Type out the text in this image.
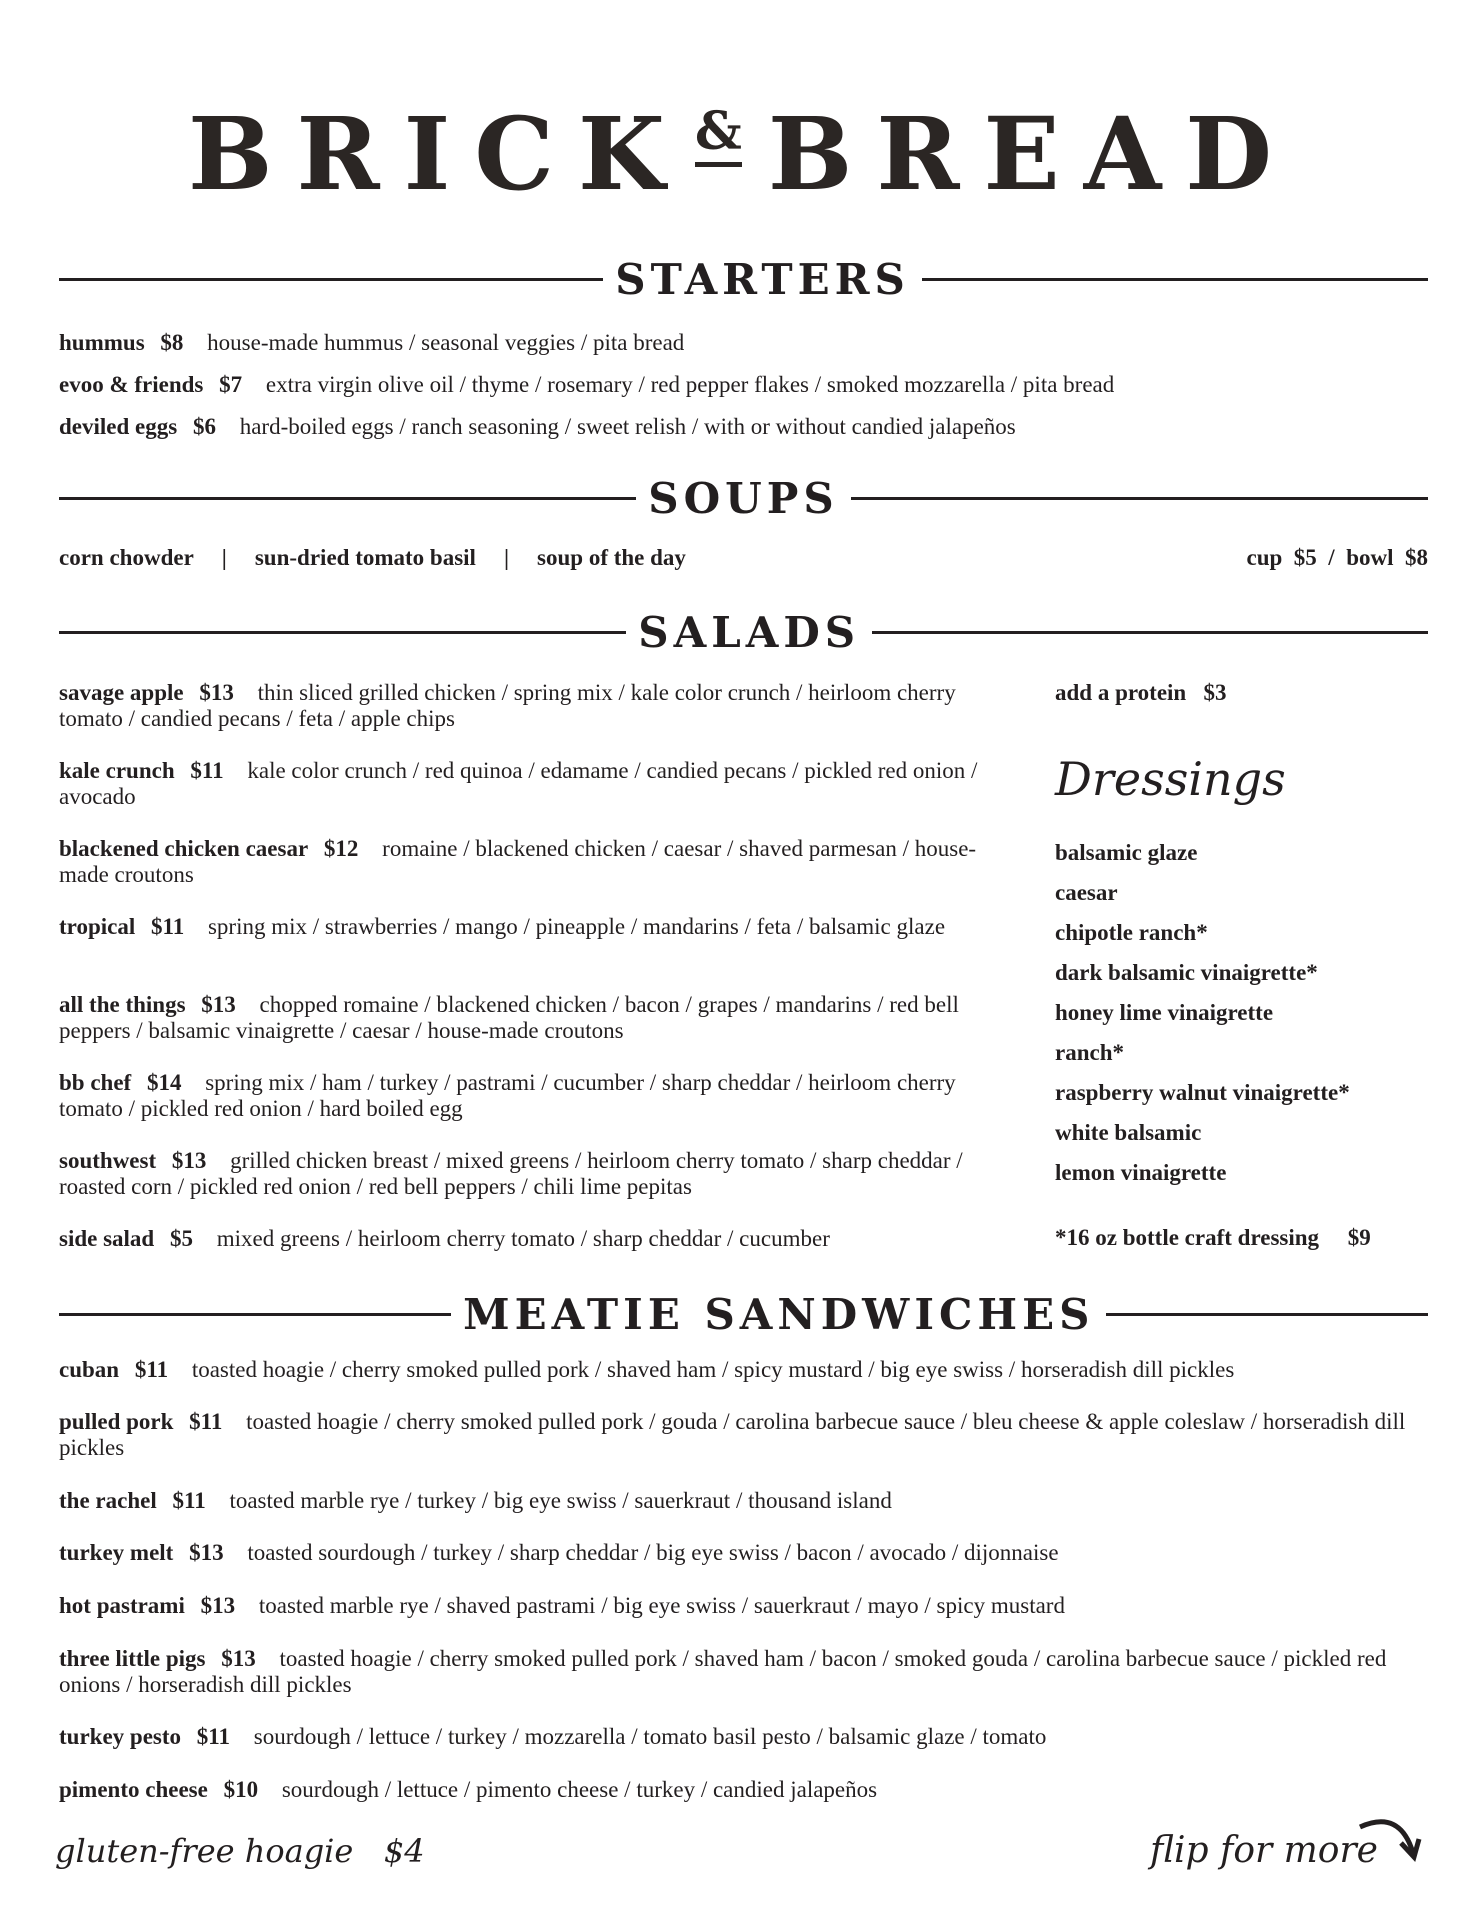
BRICK & BREAD
STARTERS
SOUPS
corn chowder | sun-dried tomato basil | soup of the day	cup  $5  /  bowl  $8
SALADS
add a protein   $3
Dressings
*16 oz bottle craft dressing     $9
MEATIE SANDWICHES
gluten-free hoagie   $4	flip for more
hummus $8 house-made hummus / seasonal veggies / pita bread
evoo & friends $7 extra virgin olive oil / thyme / rosemary / red pepper flakes / smoked mozzarella / pita bread
deviled eggs $6 hard-boiled eggs / ranch seasoning / sweet relish / with or without candied jalapeños
savage apple $13 thin sliced grilled chicken / spring mix / kale color crunch / heirloom cherry tomato / candied pecans / feta / apple chips
kale crunch $11 kale color crunch / red quinoa / edamame / candied pecans / pickled red onion / avocado
blackened chicken caesar $12 romaine / blackened chicken / caesar / shaved parmesan / house-made croutons
tropical $11 spring mix / strawberries / mango / pineapple / mandarins / feta / balsamic glaze
all the things $13 chopped romaine / blackened chicken / bacon / grapes / mandarins / red bell peppers / balsamic vinaigrette / caesar / house-made croutons
bb chef $14 spring mix / ham / turkey / pastrami / cucumber / sharp cheddar / heirloom cherry tomato / pickled red onion / hard boiled egg
southwest $13 grilled chicken breast / mixed greens / heirloom cherry tomato / sharp cheddar / roasted corn / pickled red onion / red bell peppers / chili lime pepitas
side salad $5 mixed greens / heirloom cherry tomato / sharp cheddar / cucumber
cuban $11 toasted hoagie / cherry smoked pulled pork / shaved ham / spicy mustard / big eye swiss / horseradish dill pickles
pulled pork $11 toasted hoagie / cherry smoked pulled pork / gouda / carolina barbecue sauce / bleu cheese & apple coleslaw / horseradish dill pickles
the rachel $11 toasted marble rye / turkey / big eye swiss / sauerkraut / thousand island
turkey melt $13 toasted sourdough / turkey / sharp cheddar / big eye swiss / bacon / avocado / dijonnaise
hot pastrami $13 toasted marble rye / shaved pastrami / big eye swiss / sauerkraut / mayo / spicy mustard
three little pigs $13 toasted hoagie / cherry smoked pulled pork / shaved ham / bacon / smoked gouda / carolina barbecue sauce / pickled red onions / horseradish dill pickles
turkey pesto $11 sourdough / lettuce / turkey / mozzarella / tomato basil pesto / balsamic glaze / tomato
pimento cheese $10 sourdough / lettuce / pimento cheese / turkey / candied jalapeños
balsamic glaze
caesar
chipotle ranch*
dark balsamic vinaigrette*
honey lime vinaigrette
ranch*
raspberry walnut vinaigrette*
white balsamic
lemon vinaigrette
